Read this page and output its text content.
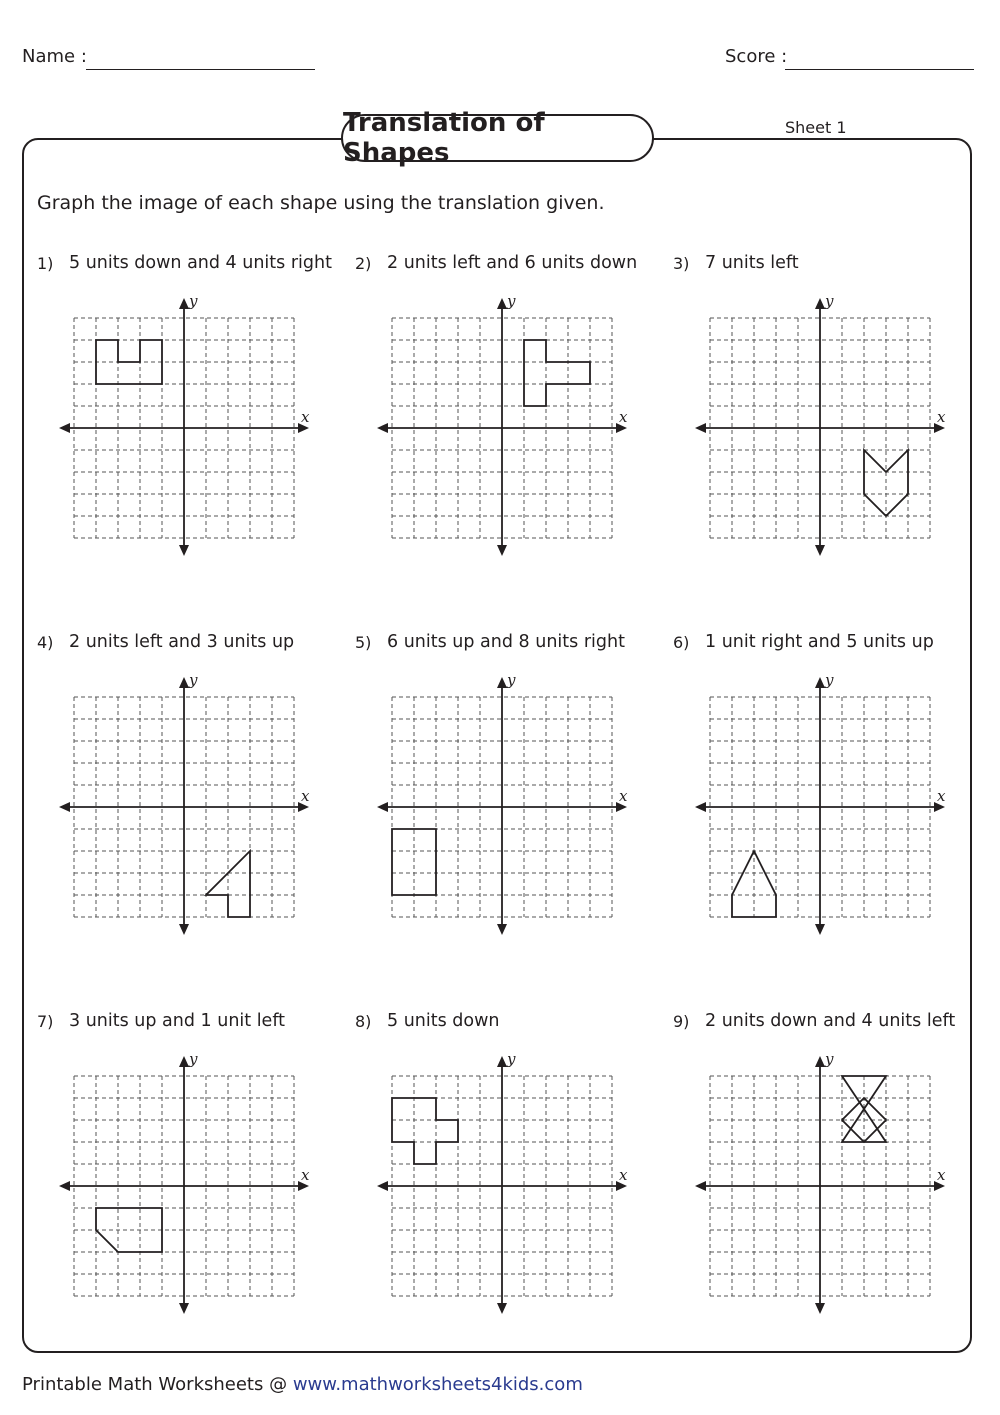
Name :	Score :
Translation of Shapes
Sheet 1
Graph the image of each shape using the translation given.
1) 5 units down and 4 units right
x
y
2) 2 units left and 6 units down
x
y
3) 7 units left
x
y
4) 2 units left and 3 units up
x
y
5) 6 units up and 8 units right
x
y
6) 1 unit right and 5 units up
x
y
7) 3 units up and 1 unit left
x
y
8) 5 units down
x
y
9) 2 units down and 4 units left
x
y
Printable Math Worksheets @ www.mathworksheets4kids.com
